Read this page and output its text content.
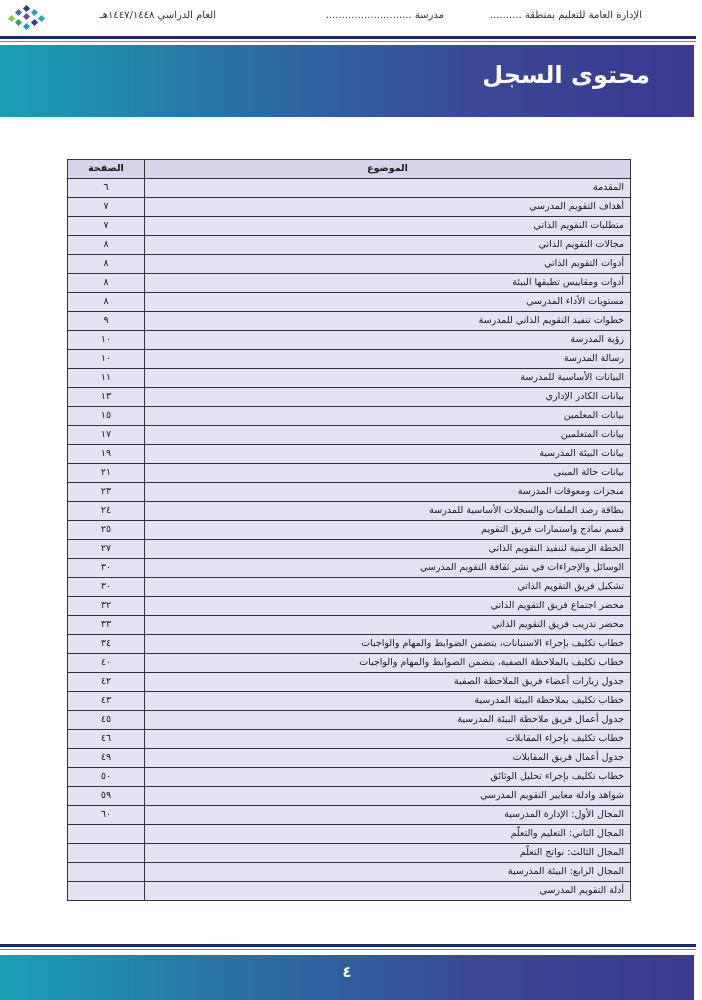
الإدارة العامة للتعليم بمنطقة ..........
مدرسة ...........................
العام الدراسي ١٤٤٧/١٤٤٨هـ
محتوى السجل
الموضوع	الصفحة
المقدمة	٦
أهداف التقويم المدرسي	٧
متطلبات التقويم الذاتي	٧
مجالات التقويم الذاتي	٨
أدوات التقويم الذاتي	٨
أدوات ومقاييس تطبقها البيئة	٨
مستويات الأداء المدرسي	٨
خطوات تنفيذ التقويم الذاتي للمدرسة	٩
رؤية المدرسة	١٠
رسالة المدرسة	١٠
البيانات الأساسية للمدرسة	١١
بيانات الكادر الإداري	١٣
بيانات المعلمين	١٥
بيانات المتعلمين	١٧
بيانات البيئة المدرسية	١٩
بيانات حالة المبنى	٢١
منجزات ومعوقات المدرسة	٢٣
بطاقة رصد الملفات والسجلات الأساسية للمدرسة	٢٤
قسم نماذج واستمارات فريق التقويم	٢٥
الخطة الزمنية لتنفيذ التقويم الذاتي	٢٧
الوسائل والإجراءات في نشر ثقافة التقويم المدرسي	٣٠
تشكيل فريق التقويم الذاتي	٣٠
محضر اجتماع فريق التقويم الذاتي	٣٢
محضر تدريب فريق التقويم الذاتي	٣٣
خطاب تكليف بإجراء الاستبانات، يتضمن الضوابط والمهام والواجبات	٣٤
خطاب تكليف بالملاحظة الصفية، يتضمن الضوابط والمهام والواجبات	٤٠
جدول زيارات أعضاء فريق الملاحظة الصفية	٤٢
خطاب تكليف بملاحظة البيئة المدرسية	٤٣
جدول أعمال فريق ملاحظة البيئة المدرسية	٤٥
خطاب تكليف بإجراء المقابلات	٤٦
جدول أعمال فريق المقابلات	٤٩
خطاب تكليف بإجراء تحليل الوثائق	٥٠
شواهد وادلة معايير التقويم المدرسي	٥٩
المجال الأول: الإدارة المدرسية	٦٠
المجال الثاني: التعليم والتعلّم	
المجال الثالث: نواتج التعلّم	
المجال الرابع: البيئة المدرسية	
أدلة التقويم المدرسي	
٤
